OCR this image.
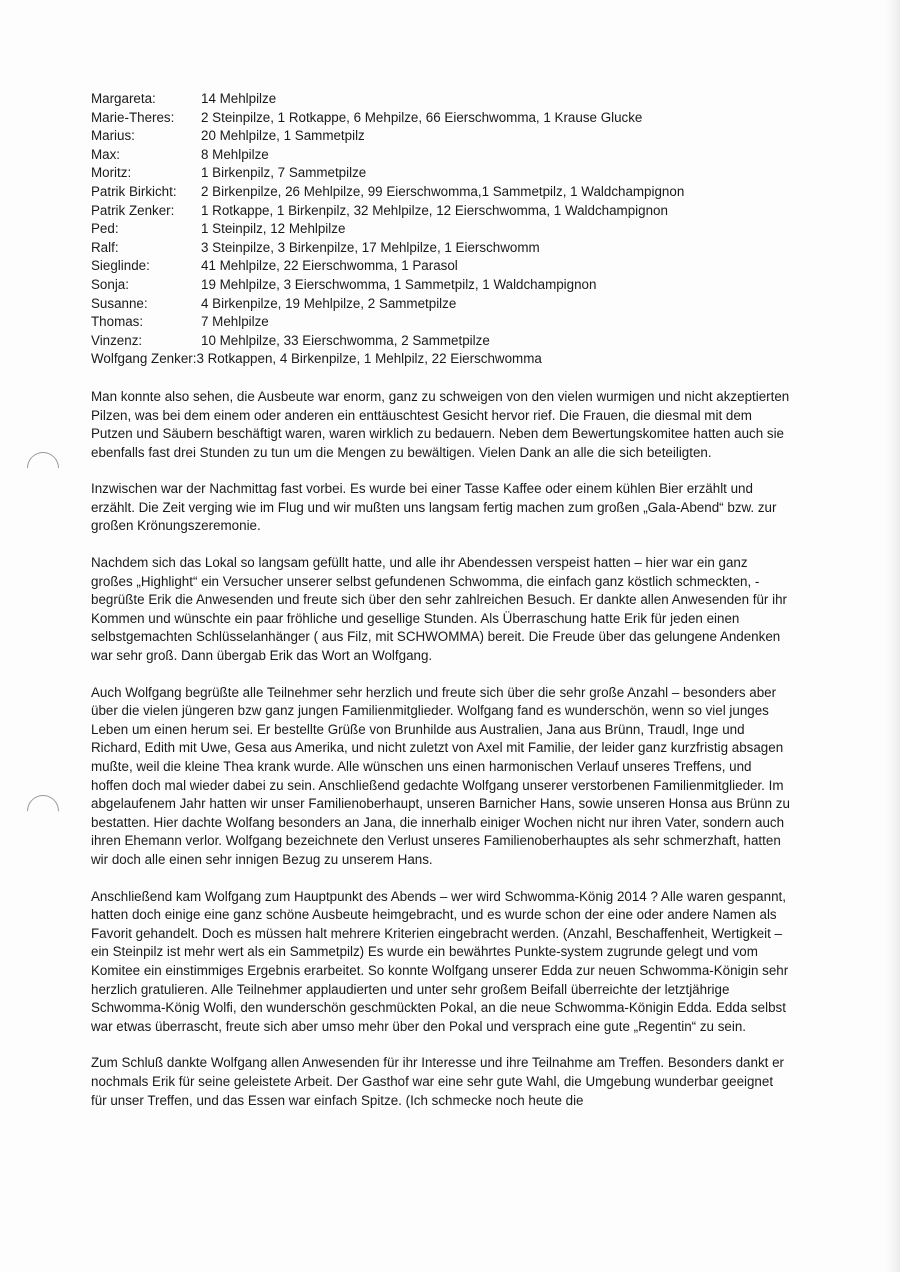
Margareta:	14 Mehlpilze
Marie-Theres:	2 Steinpilze, 1 Rotkappe, 6 Mehpilze, 66 Eierschwomma, 1 Krause Glucke
Marius:	20 Mehlpilze, 1 Sammetpilz
Max:	8 Mehlpilze
Moritz:	1 Birkenpilz, 7 Sammetpilze
Patrik Birkicht:	2 Birkenpilze, 26 Mehlpilze, 99 Eierschwomma,1 Sammetpilz, 1 Waldchampignon
Patrik Zenker:	1 Rotkappe, 1 Birkenpilz, 32 Mehlpilze, 12 Eierschwomma, 1 Waldchampignon
Ped:	1 Steinpilz, 12 Mehlpilze
Ralf:	3 Steinpilze, 3 Birkenpilze, 17 Mehlpilze, 1 Eierschwomm
Sieglinde:	41 Mehlpilze, 22 Eierschwomma, 1 Parasol
Sonja:	19 Mehlpilze, 3 Eierschwomma, 1 Sammetpilz, 1 Waldchampignon
Susanne:	4 Birkenpilze, 19 Mehlpilze, 2 Sammetpilze
Thomas:	7 Mehlpilze
Vinzenz:	10 Mehlpilze, 33 Eierschwomma, 2 Sammetpilze
Wolfgang Zenker: 3 Rotkappen, 4 Birkenpilze, 1 Mehlpilz, 22 Eierschwomma

Man konnte also sehen, die Ausbeute war enorm, ganz zu schweigen von den vielen wurmigen und nicht akzeptierten Pilzen, was bei dem einem oder anderen ein enttäuschtest Gesicht hervor rief. Die Frauen, die diesmal mit dem Putzen und Säubern beschäftigt waren, waren wirklich zu bedauern. Neben dem Bewertungskomitee hatten auch sie ebenfalls fast drei Stunden zu tun um die Mengen zu bewältigen. Vielen Dank an alle die sich beteiligten.

Inzwischen war der Nachmittag fast vorbei. Es wurde bei einer Tasse Kaffee oder einem kühlen Bier erzählt und erzählt. Die Zeit verging wie im Flug und wir mußten uns langsam fertig machen zum großen „Gala-Abend“ bzw. zur großen Krönungszeremonie.

Nachdem sich das Lokal so langsam gefüllt hatte, und alle ihr Abendessen verspeist hatten – hier war ein ganz großes „Highlight“ ein Versucher unserer selbst gefundenen Schwomma, die einfach ganz köstlich schmeckten, - begrüßte Erik die Anwesenden und freute sich über den sehr zahlreichen Besuch. Er dankte allen Anwesenden für ihr Kommen und wünschte ein paar fröhliche und gesellige Stunden. Als Überraschung hatte Erik für jeden einen selbstgemachten Schlüsselanhänger ( aus Filz, mit SCHWOMMA) bereit. Die Freude über das gelungene Andenken war sehr groß. Dann übergab Erik das Wort an Wolfgang.

Auch Wolfgang begrüßte alle Teilnehmer sehr herzlich und freute sich über die sehr große Anzahl – besonders aber über die vielen jüngeren bzw ganz jungen Familienmitglieder. Wolfgang fand es wunderschön, wenn so viel junges Leben um einen herum sei. Er bestellte Grüße von Brunhilde aus Australien, Jana aus Brünn, Traudl, Inge und Richard, Edith mit Uwe, Gesa aus Amerika, und nicht zuletzt von Axel mit Familie, der leider ganz kurzfristig absagen mußte, weil die kleine Thea krank wurde. Alle wünschen uns einen harmonischen Verlauf unseres Treffens, und hoffen doch mal wieder dabei zu sein. Anschließend gedachte Wolfgang unserer verstorbenen Familienmitglieder. Im abgelaufenem Jahr hatten wir unser Familienoberhaupt, unseren Barnicher Hans, sowie unseren Honsa aus Brünn zu bestatten. Hier dachte Wolfang besonders an Jana, die innerhalb einiger Wochen nicht nur ihren Vater, sondern auch ihren Ehemann verlor. Wolfgang bezeichnete den Verlust unseres Familienoberhauptes als sehr schmerzhaft, hatten wir doch alle einen sehr innigen Bezug zu unserem Hans.

Anschließend kam Wolfgang zum Hauptpunkt des Abends – wer wird Schwomma-König 2014 ? Alle waren gespannt, hatten doch einige eine ganz schöne Ausbeute heimgebracht, und es wurde schon der eine oder andere Namen als Favorit gehandelt. Doch es müssen halt mehrere Kriterien eingebracht werden. (Anzahl, Beschaffenheit, Wertigkeit – ein Steinpilz ist mehr wert als ein Sammetpilz) Es wurde ein bewährtes Punkte-system zugrunde gelegt und vom Komitee ein einstimmiges Ergebnis erarbeitet. So konnte Wolfgang unserer Edda zur neuen Schwomma-Königin sehr herzlich gratulieren. Alle Teilnehmer applaudierten und unter sehr großem Beifall überreichte der letztjährige Schwomma-König Wolfi, den wunderschön geschmückten Pokal, an die neue Schwomma-Königin Edda. Edda selbst war etwas überrascht, freute sich aber umso mehr über den Pokal und versprach eine gute „Regentin“ zu sein.

Zum Schluß dankte Wolfgang allen Anwesenden für ihr Interesse und ihre Teilnahme am Treffen. Besonders dankt er nochmals Erik für seine geleistete Arbeit. Der Gasthof war eine sehr gute Wahl, die Umgebung wunderbar geeignet für unser Treffen, und das Essen war einfach Spitze. (Ich schmecke noch heute die
